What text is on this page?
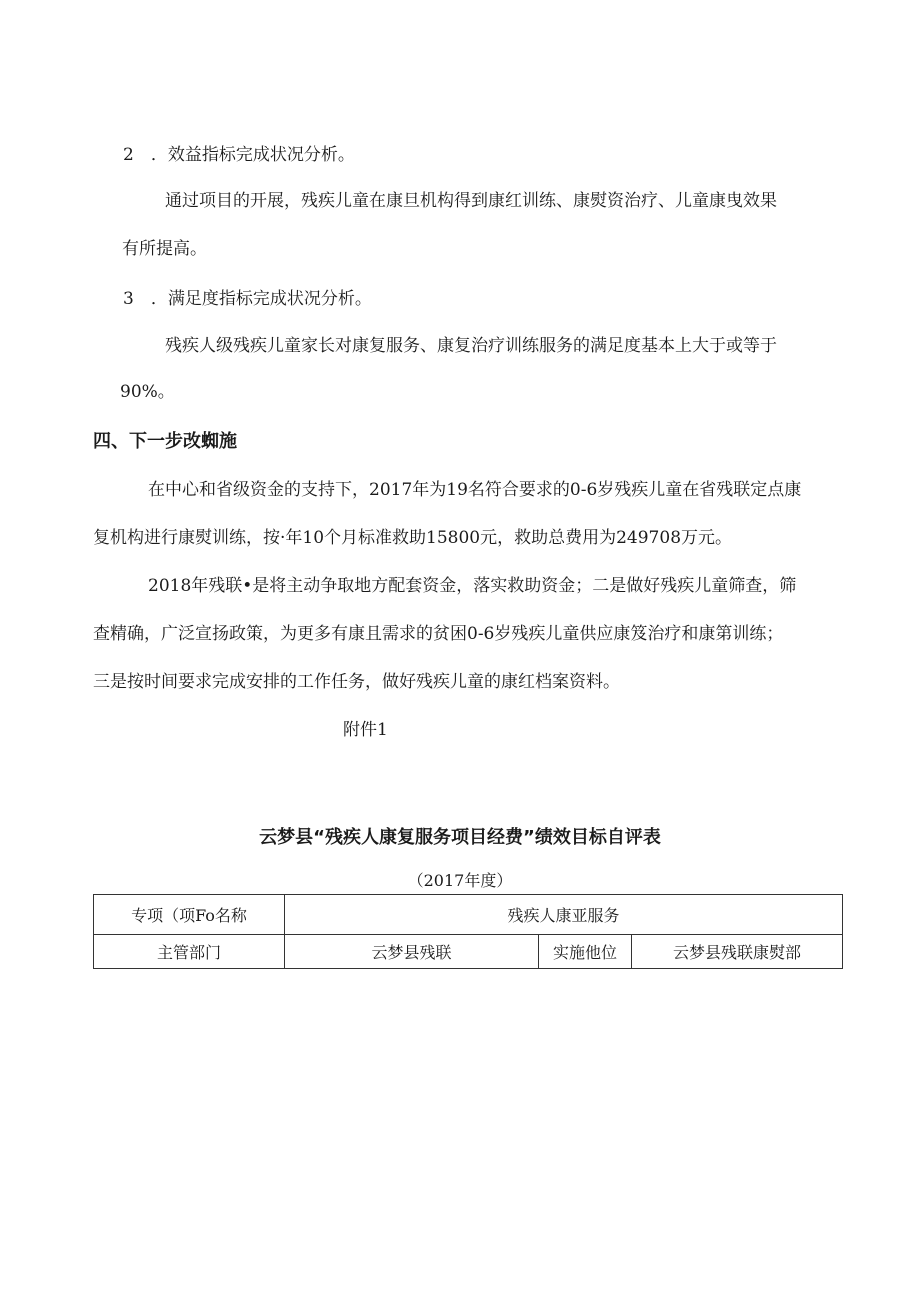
2　．效益指标完成状况分析。
通过项目的开展，残疾儿童在康旦机构得到康红训练、康熨资治疗、儿童康曳效果
有所提高。
3　．满足度指标完成状况分析。
残疾人级残疾儿童家长对康复服务、康复治疗训练服务的满足度基本上大于或等于
90%。
四、下一步改蜘施
在中心和省级资金的支持下，2017年为19名符合要求的0-6岁残疾儿童在省残联定点康
复机构进行康熨训练，按·年10个月标准救助15800元，救助总费用为249708万元。
2018年残联•是将主动争取地方配套资金，落实救助资金；二是做好残疾儿童筛查，筛
查精确，广泛宣扬政策，为更多有康且需求的贫困0-6岁残疾儿童供应康笈治疗和康第训练；
三是按时间要求完成安排的工作任务，做好残疾儿童的康红档案资料。
附件1
云梦县“残疾人康复服务项目经费”绩效目标自评表
（2017年度）
专项（项Fo名称	残疾人康亚服务		
主管部门	云梦县残联	实施他位	云梦县残联康熨部
